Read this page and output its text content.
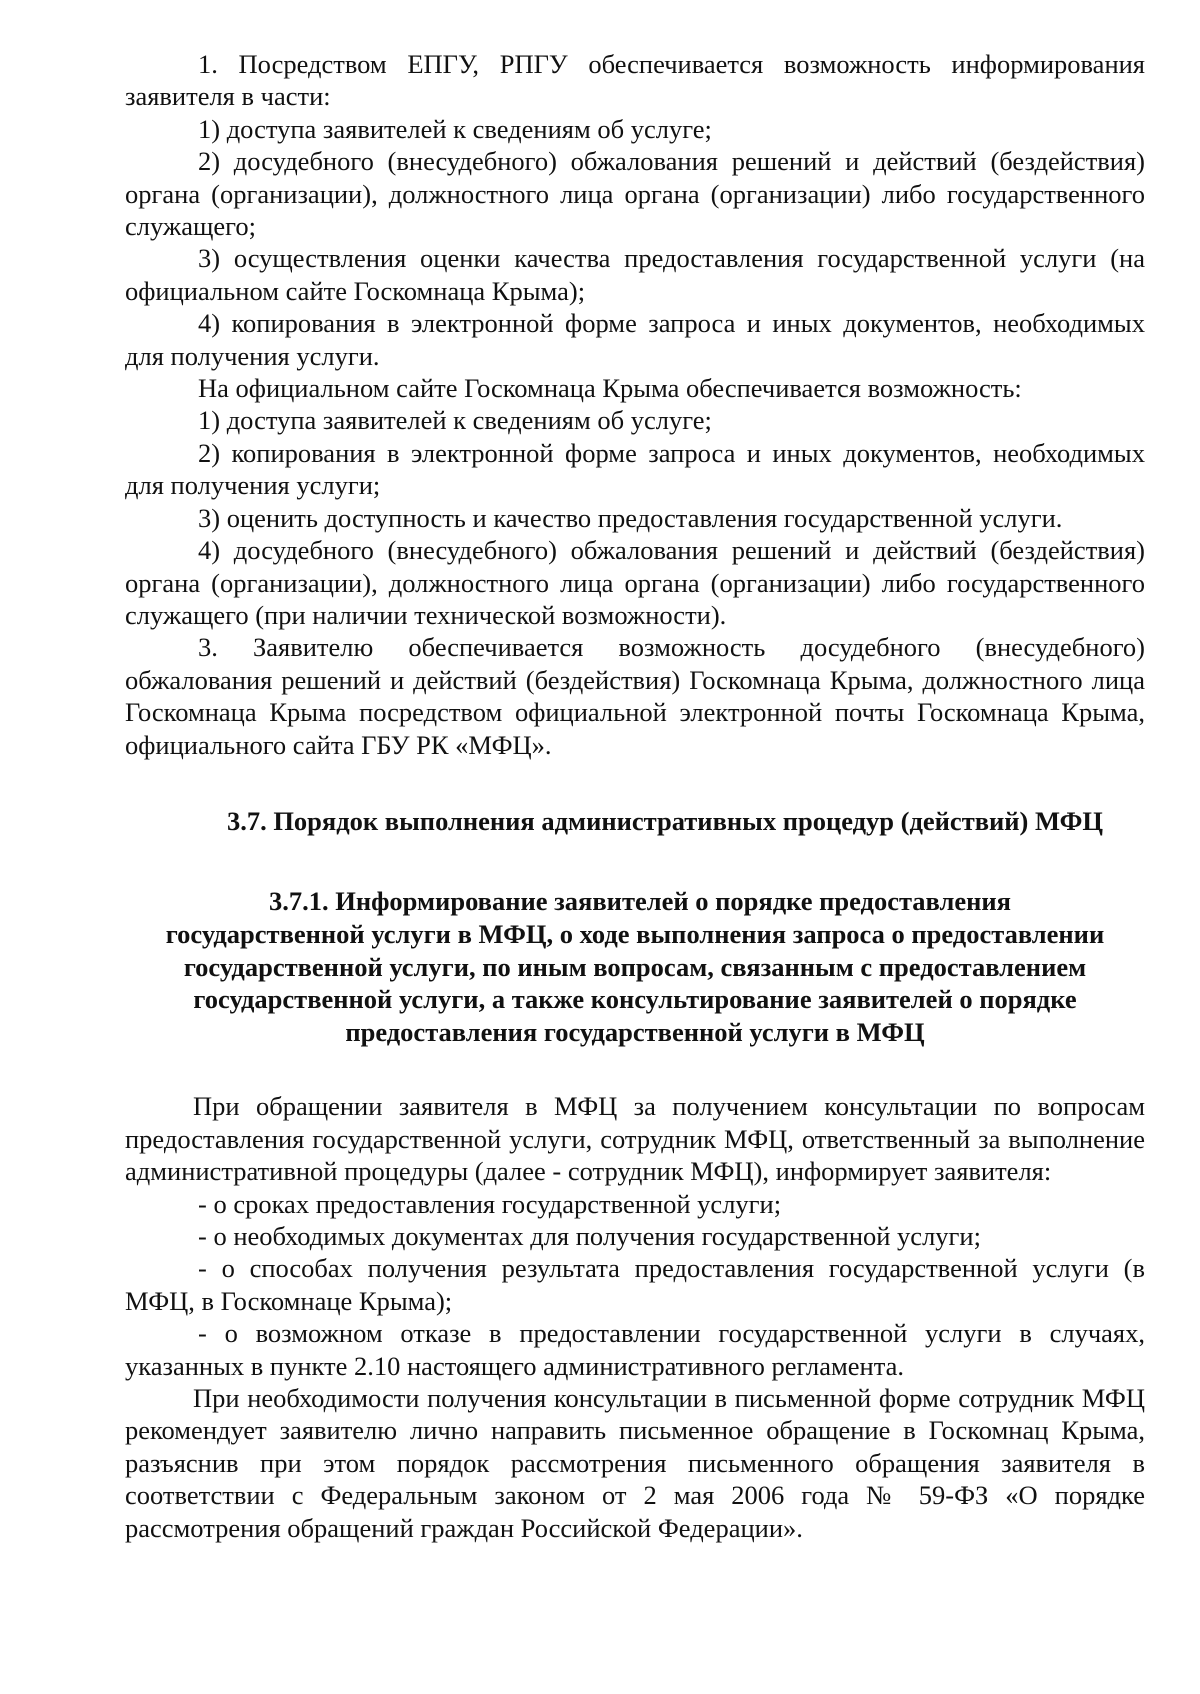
1. Посредством ЕПГУ, РПГУ обеспечивается возможность информирования заявителя в части:

1) доступа заявителей к сведениям об услуге;

2) досудебного (внесудебного) обжалования решений и действий (бездействия) органа (организации), должностного лица органа (организации) либо государственного служащего;

3) осуществления оценки качества предоставления государственной услуги (на официальном сайте Госкомнаца Крыма);

4) копирования в электронной форме запроса и иных документов, необходимых для получения услуги.

На официальном сайте Госкомнаца Крыма обеспечивается возможность:

1) доступа заявителей к сведениям об услуге;

2) копирования в электронной форме запроса и иных документов, необходимых для получения услуги;

3) оценить доступность и качество предоставления государственной услуги.

4) досудебного (внесудебного) обжалования решений и действий (бездействия) органа (организации), должностного лица органа (организации) либо государственного служащего (при наличии технической возможности).

3. Заявителю обеспечивается возможность досудебного (внесудебного) обжалования решений и действий (бездействия) Госкомнаца Крыма, должностного лица Госкомнаца Крыма посредством официальной электронной почты Госкомнаца Крыма, официального сайта ГБУ РК «МФЦ».

3.7. Порядок выполнения административных процедур (действий) МФЦ
3.7.1. Информирование заявителей о порядке предоставления
государственной услуги в МФЦ, о ходе выполнения запроса о предоставлении государственной услуги, по иным вопросам, связанным с предоставлением государственной услуги, а также консультирование заявителей о порядке предоставления государственной услуги в МФЦ

При обращении заявителя в МФЦ за получением консультации по вопросам предоставления государственной услуги, сотрудник МФЦ, ответственный за выполнение административной процедуры (далее - сотрудник МФЦ), информирует заявителя:

- о сроках предоставления государственной услуги;

- о необходимых документах для получения государственной услуги;

- о способах получения результата предоставления государственной услуги (в МФЦ, в Госкомнаце Крыма);

- о возможном отказе в предоставлении государственной услуги в случаях, указанных в пункте 2.10 настоящего административного регламента.

При необходимости получения консультации в письменной форме сотрудник МФЦ рекомендует заявителю лично направить письменное обращение в Госкомнац Крыма, разъяснив при этом порядок рассмотрения письменного обращения заявителя в соответствии с Федеральным законом от 2 мая 2006 года № 59-ФЗ «О порядке рассмотрения обращений граждан Российской Федерации».
